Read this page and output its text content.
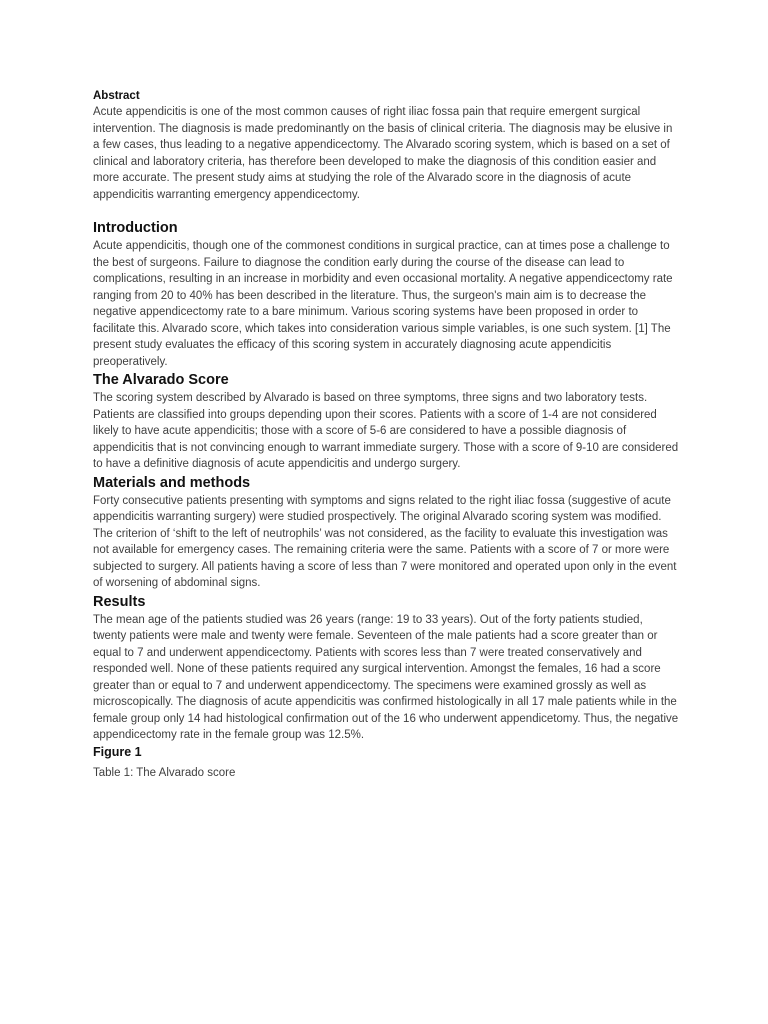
Abstract

Acute appendicitis is one of the most common causes of right iliac fossa pain that require emergent surgical intervention. The diagnosis is made predominantly on the basis of clinical criteria. The diagnosis may be elusive in a few cases, thus leading to a negative appendicectomy. The Alvarado scoring system, which is based on a set of clinical and laboratory criteria, has therefore been developed to make the diagnosis of this condition easier and more accurate. The present study aims at studying the role of the Alvarado score in the diagnosis of acute appendicitis warranting emergency appendicectomy.

Introduction

Acute appendicitis, though one of the commonest conditions in surgical practice, can at times pose a challenge to the best of surgeons. Failure to diagnose the condition early during the course of the disease can lead to complications, resulting in an increase in morbidity and even occasional mortality. A negative appendicectomy rate ranging from 20 to 40% has been described in the literature. Thus, the surgeon's main aim is to decrease the negative appendicectomy rate to a bare minimum. Various scoring systems have been proposed in order to facilitate this. Alvarado score, which takes into consideration various simple variables, is one such system. [1] The present study evaluates the efficacy of this scoring system in accurately diagnosing acute appendicitis preoperatively.

The Alvarado Score

The scoring system described by Alvarado is based on three symptoms, three signs and two laboratory tests. Patients are classified into groups depending upon their scores. Patients with a score of 1-4 are not considered likely to have acute appendicitis; those with a score of 5-6 are considered to have a possible diagnosis of appendicitis that is not convincing enough to warrant immediate surgery. Those with a score of 9-10 are considered to have a definitive diagnosis of acute appendicitis and undergo surgery.

Materials and methods

Forty consecutive patients presenting with symptoms and signs related to the right iliac fossa (suggestive of acute appendicitis warranting surgery) were studied prospectively. The original Alvarado scoring system was modified. The criterion of ‘shift to the left of neutrophils’ was not considered, as the facility to evaluate this investigation was not available for emergency cases. The remaining criteria were the same. Patients with a score of 7 or more were subjected to surgery. All patients having a score of less than 7 were monitored and operated upon only in the event of worsening of abdominal signs.

Results

The mean age of the patients studied was 26 years (range: 19 to 33 years). Out of the forty patients studied, twenty patients were male and twenty were female. Seventeen of the male patients had a score greater than or equal to 7 and underwent appendicectomy. Patients with scores less than 7 were treated conservatively and responded well. None of these patients required any surgical intervention. Amongst the females, 16 had a score greater than or equal to 7 and underwent appendicectomy. The specimens were examined grossly as well as microscopically. The diagnosis of acute appendicitis was confirmed histologically in all 17 male patients while in the female group only 14 had histological confirmation out of the 16 who underwent appendicetomy. Thus, the negative appendicectomy rate in the female group was 12.5%.

Figure 1

Table 1: The Alvarado score
